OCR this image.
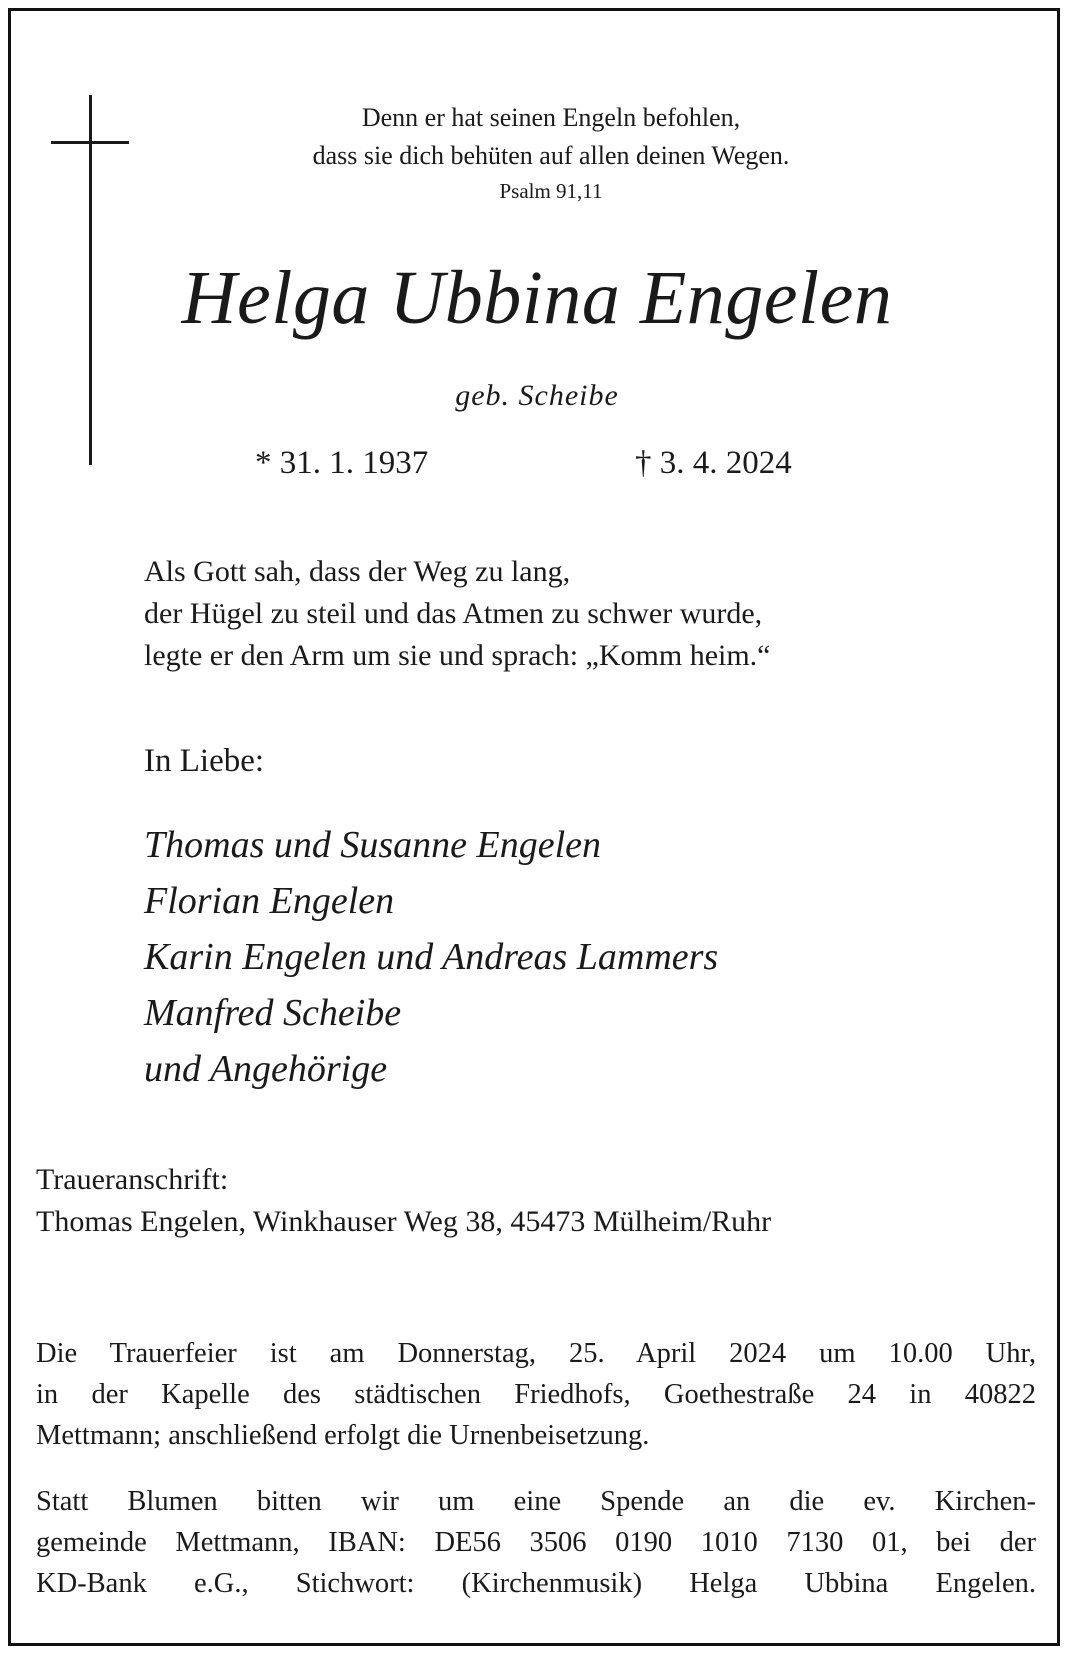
Denn er hat seinen Engeln befohlen,
dass sie dich behüten auf allen deinen Wegen.
Psalm 91,11
Helga Ubbina Engelen
geb. Scheibe
* 31. 1. 1937	† 3. 4. 2024
Als Gott sah, dass der Weg zu lang,
der Hügel zu steil und das Atmen zu schwer wurde,
legte er den Arm um sie und sprach: „Komm heim.“
In Liebe:
Thomas und Susanne Engelen
Florian Engelen
Karin Engelen und Andreas Lammers
Manfred Scheibe
und Angehörige
Traueranschrift:
Thomas Engelen, Winkhauser Weg 38, 45473 Mülheim/Ruhr
Die Trauerfeier ist am Donnerstag, 25. April 2024 um 10.00 Uhr,
in der Kapelle des städtischen Friedhofs, Goethestraße 24 in 40822
Mettmann; anschließend erfolgt die Urnenbeisetzung.
Statt Blumen bitten wir um eine Spende an die ev. Kirchen-
gemeinde Mettmann, IBAN: DE56 3506 0190 1010 7130 01, bei der
KD-Bank e.G., Stichwort: (Kirchenmusik) Helga Ubbina Engelen.
